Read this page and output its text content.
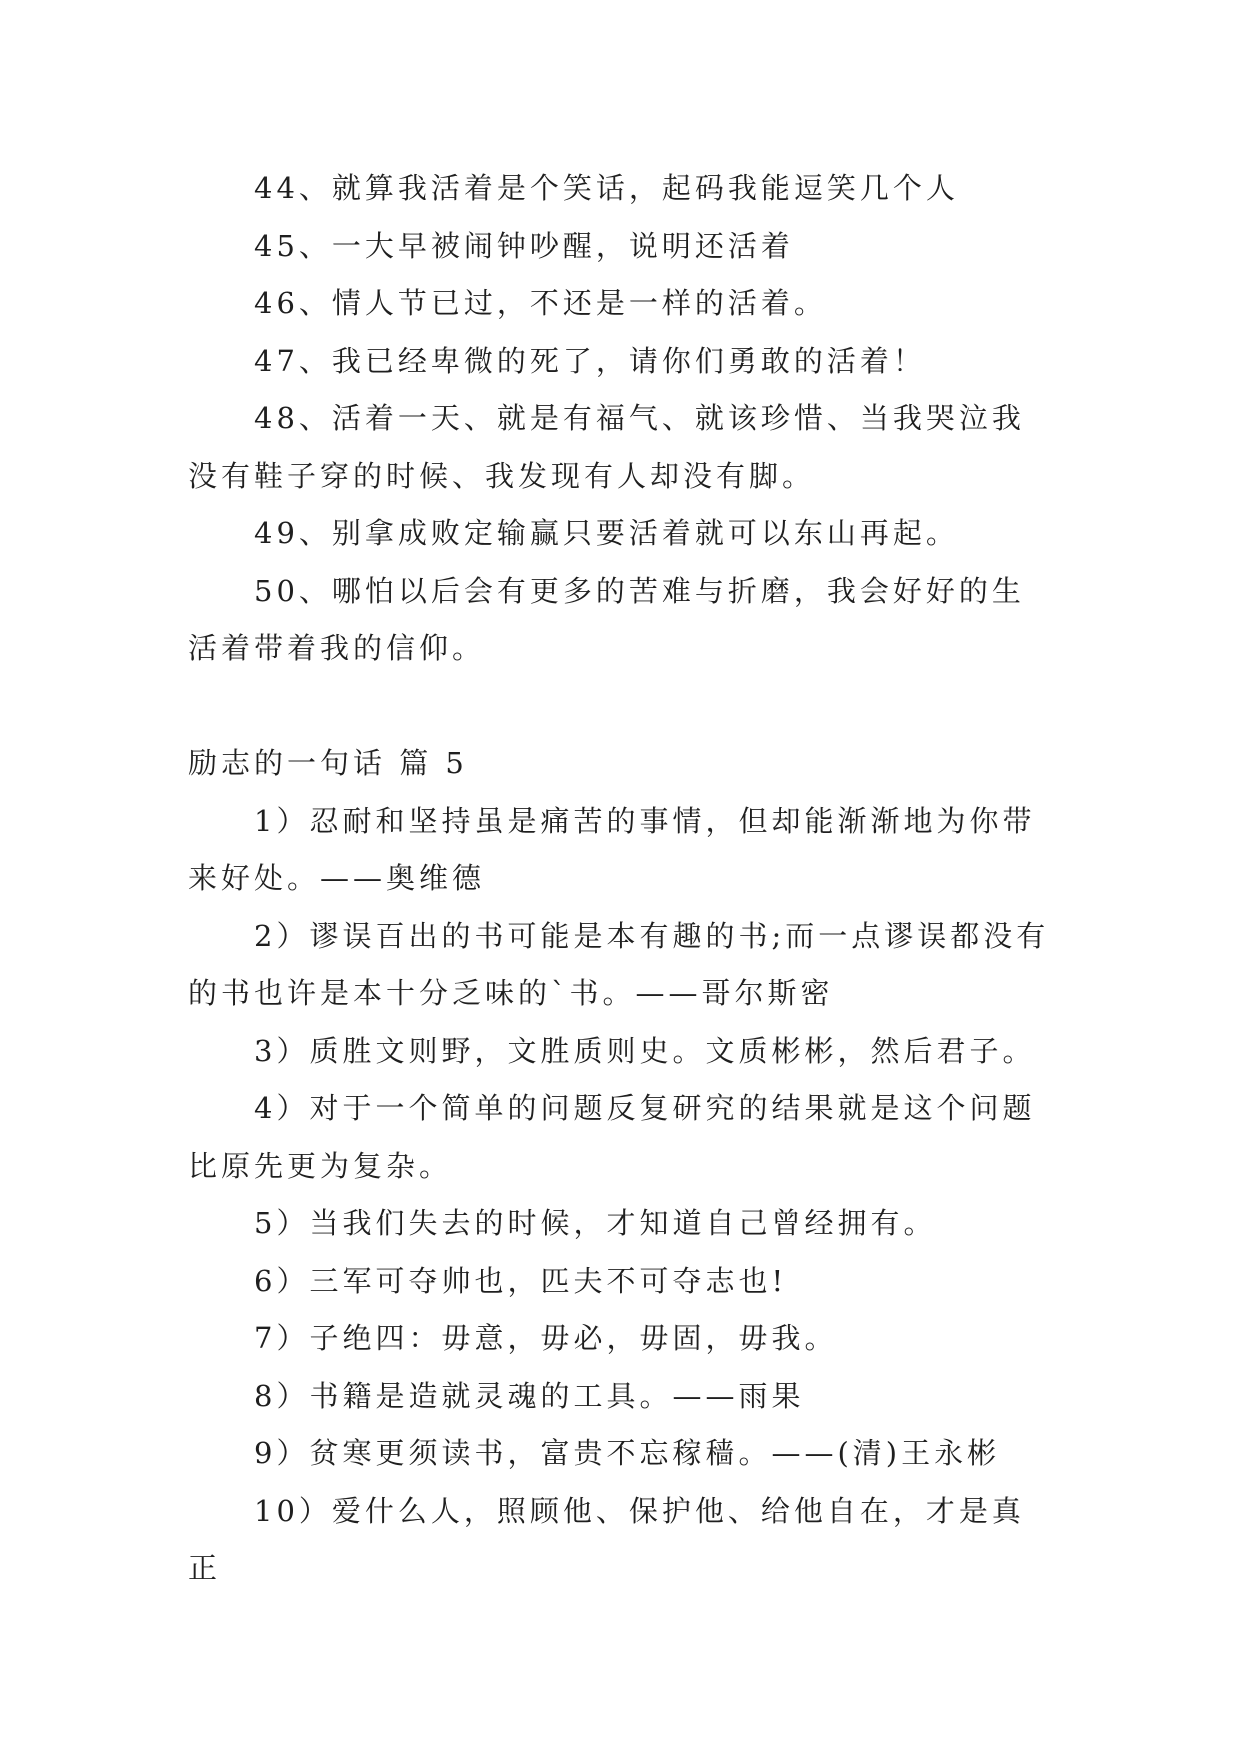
44、就算我活着是个笑话，起码我能逗笑几个人

45、一大早被闹钟吵醒，说明还活着

46、情人节已过，不还是一样的活着。

47、我已经卑微的死了，请你们勇敢的活着！

48、活着一天、就是有福气、就该珍惜、当我哭泣我没有鞋子穿的时候、我发现有人却没有脚。

49、别拿成败定输赢只要活着就可以东山再起。

50、哪怕以后会有更多的苦难与折磨，我会好好的生活着带着我的信仰。

励志的一句话 篇 5

1）忍耐和坚持虽是痛苦的事情，但却能渐渐地为你带来好处。——奥维德

2）谬误百出的书可能是本有趣的书;而一点谬误都没有的书也许是本十分乏味的`书。——哥尔斯密

3）质胜文则野，文胜质则史。文质彬彬，然后君子。

4）对于一个简单的问题反复研究的结果就是这个问题比原先更为复杂。

5）当我们失去的时候，才知道自己曾经拥有。

6）三军可夺帅也，匹夫不可夺志也!

7）子绝四：毋意，毋必，毋固，毋我。

8）书籍是造就灵魂的工具。——雨果

9）贫寒更须读书，富贵不忘稼穑。——(清)王永彬

10）爱什么人，照顾他、保护他、给他自在，才是真正
